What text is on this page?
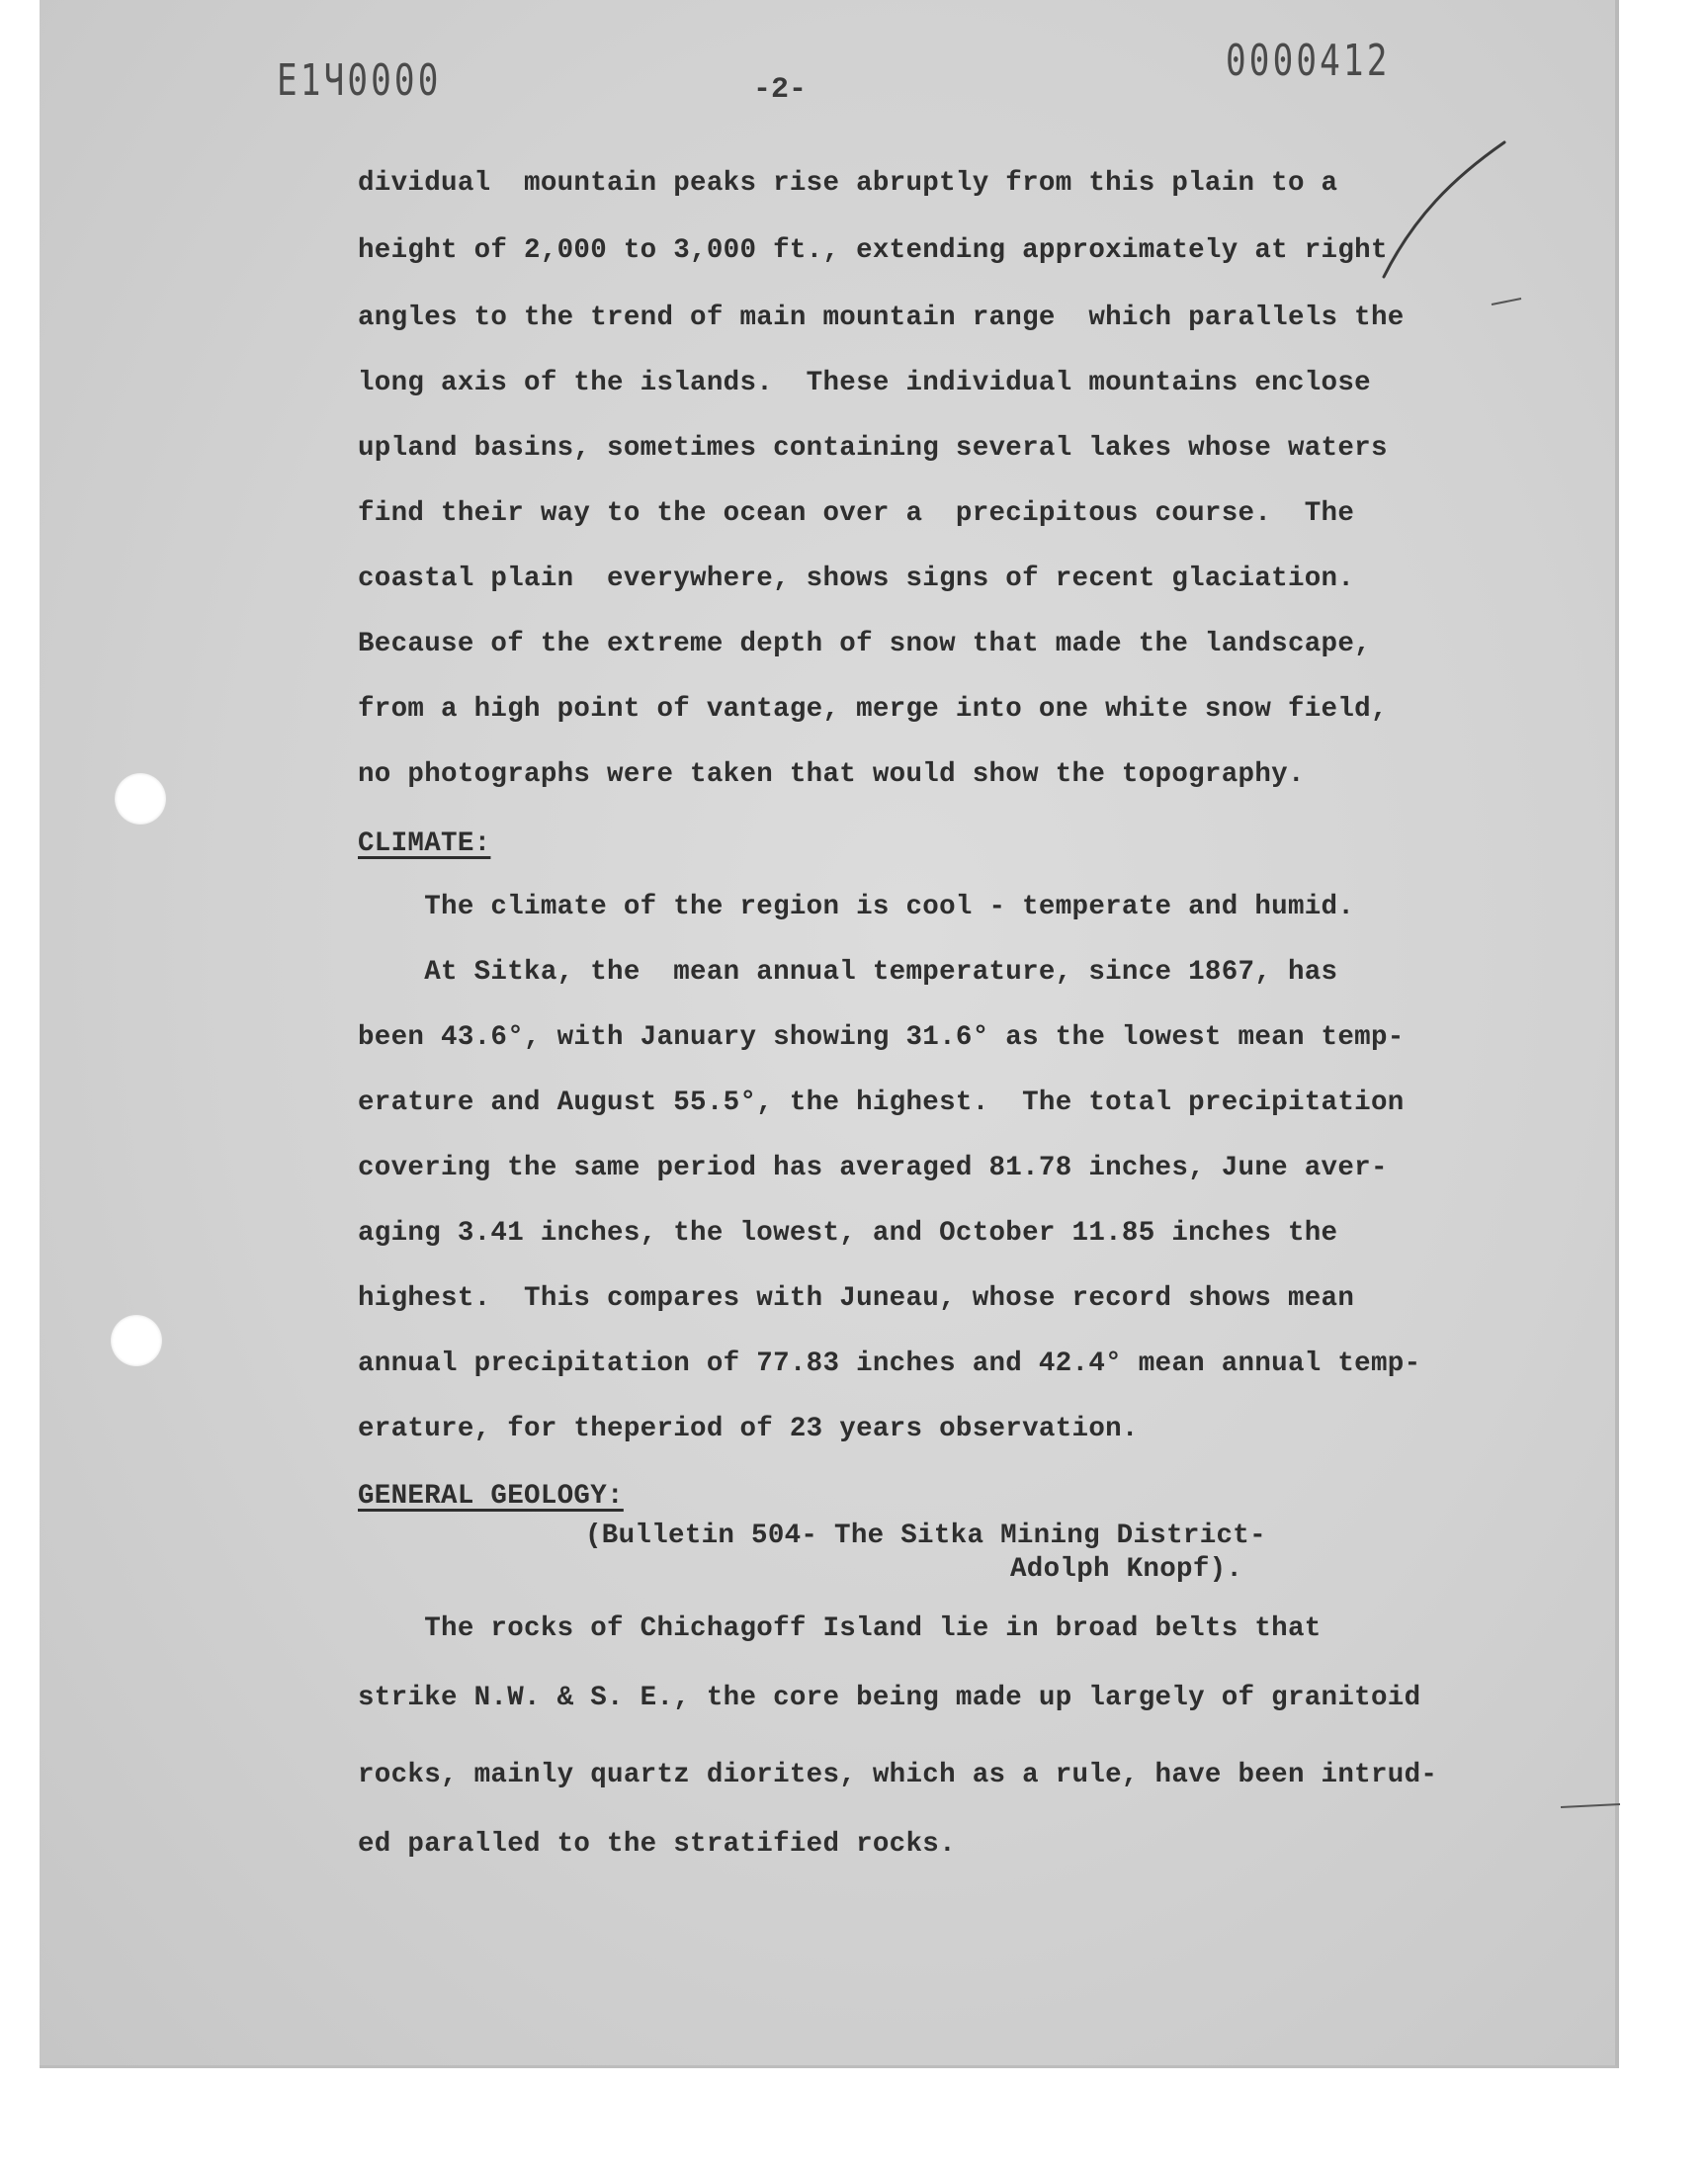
E1Ч0000	0000412
-2-
dividual  mountain peaks rise abruptly from this plain to a
height of 2,000 to 3,000 ft., extending approximately at right
angles to the trend of main mountain range  which parallels the
long axis of the islands.  These individual mountains enclose
upland basins, sometimes containing several lakes whose waters
find their way to the ocean over a  precipitous course.  The
coastal plain  everywhere, shows signs of recent glaciation.
Because of the extreme depth of snow that made the landscape,
from a high point of vantage, merge into one white snow field,
no photographs were taken that would show the topography.
CLIMATE:
The climate of the region is cool - temperate and humid.
At Sitka, the  mean annual temperature, since 1867, has
been 43.6°, with January showing 31.6° as the lowest mean temp-
erature and August 55.5°, the highest.  The total precipitation
covering the same period has averaged 81.78 inches, June aver-
aging 3.41 inches, the lowest, and October 11.85 inches the
highest.  This compares with Juneau, whose record shows mean
annual precipitation of 77.83 inches and 42.4° mean annual temp-
erature, for theperiod of 23 years observation.
GENERAL GEOLOGY:
(Bulletin 504- The Sitka Mining District-
Adolph Knopf).
The rocks of Chichagoff Island lie in broad belts that
strike N.W. & S. E., the core being made up largely of granitoid
rocks, mainly quartz diorites, which as a rule, have been intrud-
ed paralled to the stratified rocks.
